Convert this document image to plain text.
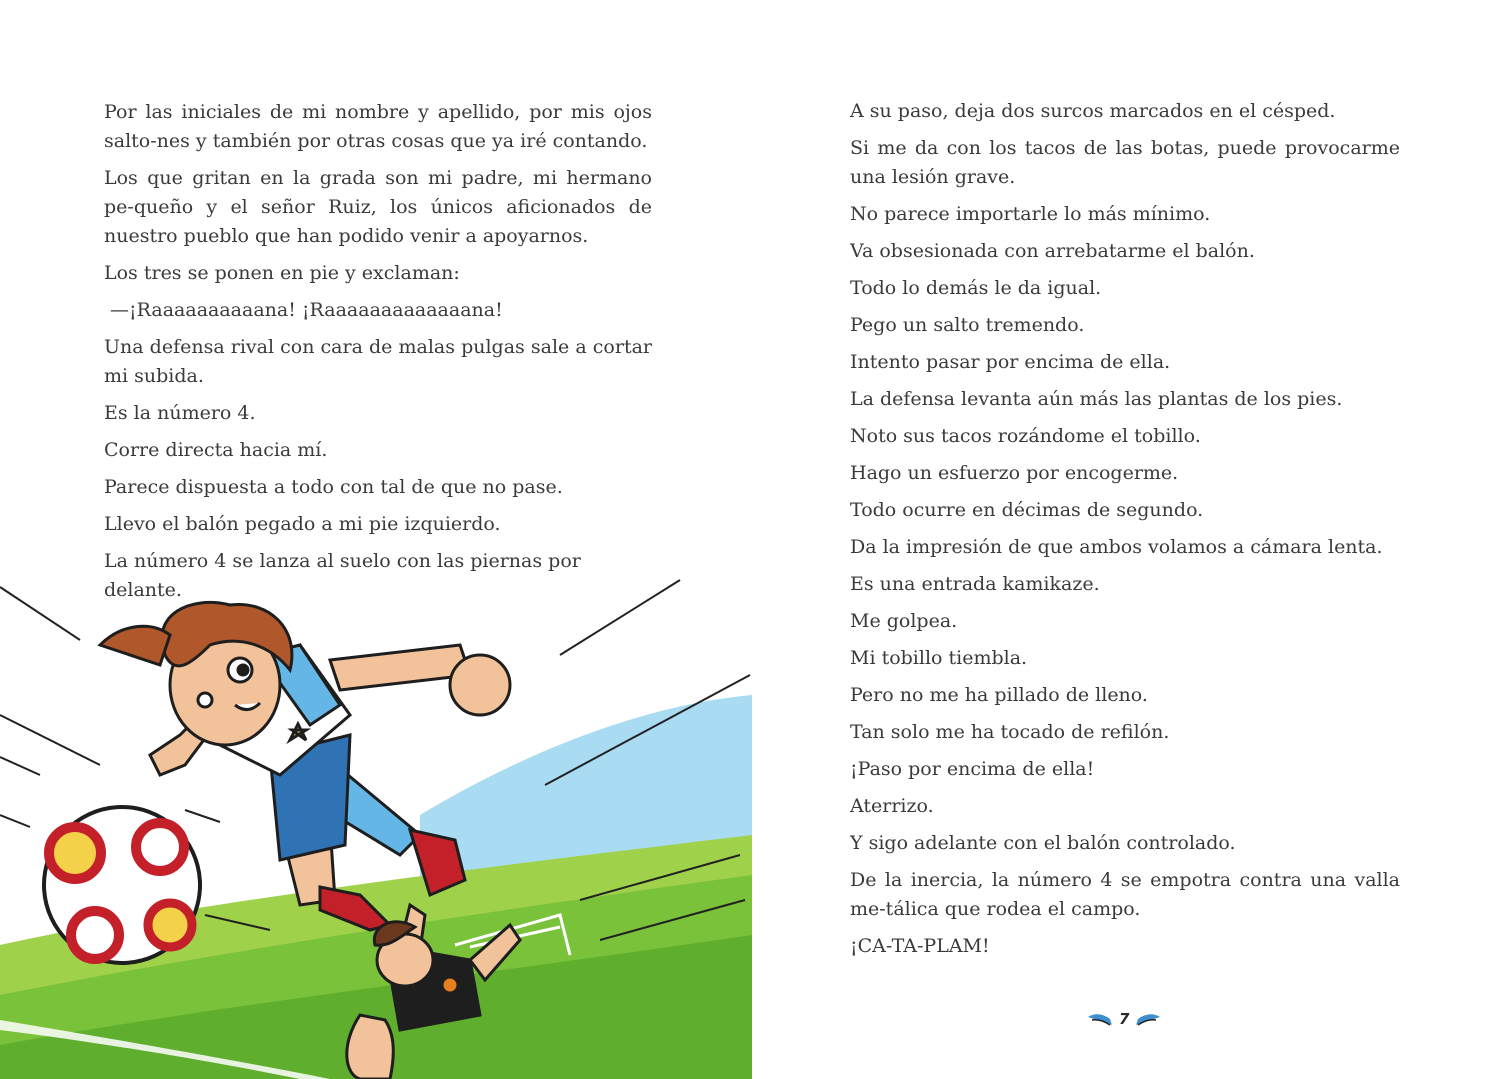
Por las iniciales de mi nombre y apellido, por mis ojos salto-nes y también por otras cosas que ya iré contando.

Los que gritan en la grada son mi padre, mi hermano pe-queño y el señor Ruiz, los únicos aficionados de nuestro pueblo que han podido venir a apoyarnos.

Los tres se ponen en pie y exclaman:

—¡Raaaaaaaaaana! ¡Raaaaaaaaaaaaana!

Una defensa rival con cara de malas pulgas sale a cortar mi subida.

Es la número 4.

Corre directa hacia mí.

Parece dispuesta a todo con tal de que no pase.

Llevo el balón pegado a mi pie izquierdo.

La número 4 se lanza al suelo con las piernas por delante.

A su paso, deja dos surcos marcados en el césped.

Si me da con los tacos de las botas, puede provocarme una lesión grave.

No parece importarle lo más mínimo.

Va obsesionada con arrebatarme el balón.

Todo lo demás le da igual.

Pego un salto tremendo.

Intento pasar por encima de ella.

La defensa levanta aún más las plantas de los pies.

Noto sus tacos rozándome el tobillo.

Hago un esfuerzo por encogerme.

Todo ocurre en décimas de segundo.

Da la impresión de que ambos volamos a cámara lenta.

Es una entrada kamikaze.

Me golpea.

Mi tobillo tiembla.

Pero no me ha pillado de lleno.

Tan solo me ha tocado de refilón.

¡Paso por encima de ella!

Aterrizo.

Y sigo adelante con el balón controlado.

De la inercia, la número 4 se empotra contra una valla me-tálica que rodea el campo.

¡CA-TA-PLAM!

7
